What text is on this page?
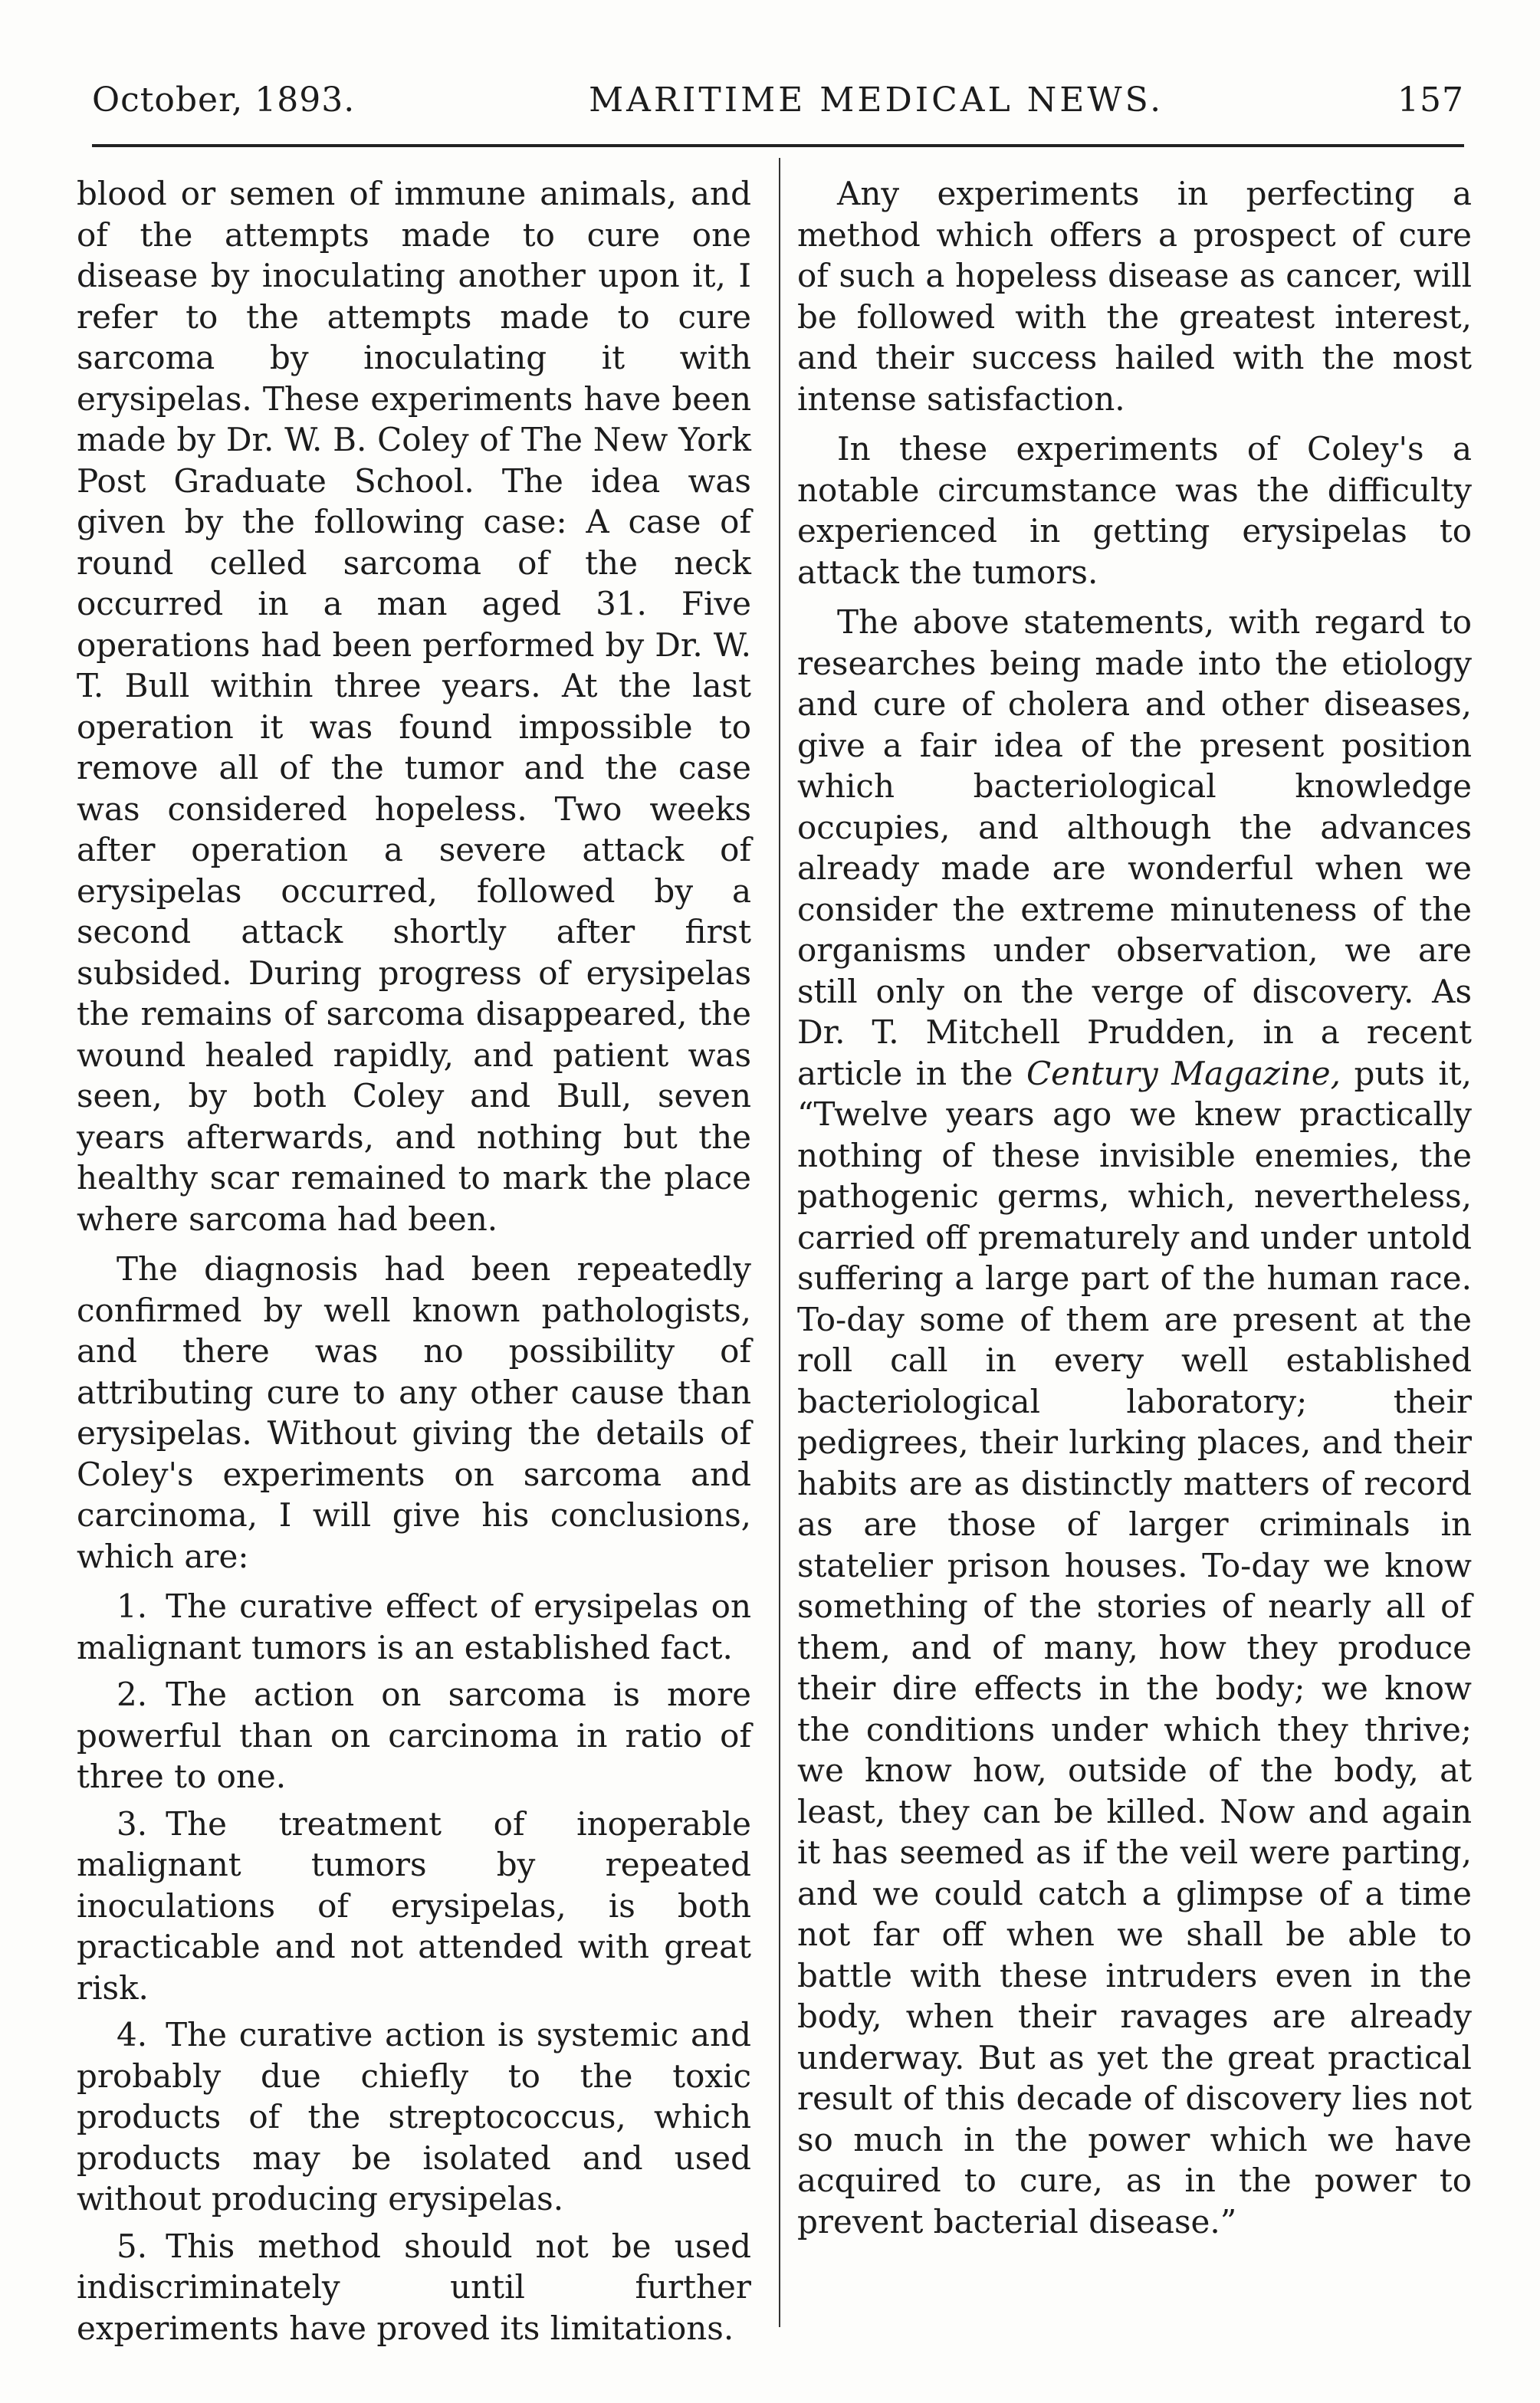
October, 1893.	MARITIME MEDICAL NEWS.	157

blood or semen of immune animals, and of the attempts made to cure one disease by inoculating another upon it, I refer to the attempts made to cure sarcoma by inoculating it with erysipelas. These experiments have been made by Dr. W. B. Coley of The New York Post Graduate School. The idea was given by the following case: A case of round celled sarcoma of the neck occurred in a man aged 31. Five operations had been performed by Dr. W. T. Bull within three years. At the last operation it was found impossible to remove all of the tumor and the case was considered hopeless. Two weeks after operation a severe attack of erysipelas occurred, followed by a second attack shortly after first subsided. During progress of erysipelas the remains of sarcoma disappeared, the wound healed rapidly, and patient was seen, by both Coley and Bull, seven years afterwards, and nothing but the healthy scar remained to mark the place where sarcoma had been.

The diagnosis had been repeatedly confirmed by well known pathologists, and there was no possibility of attributing cure to any other cause than erysipelas. Without giving the details of Coley's experiments on sarcoma and carcinoma, I will give his conclusions, which are:

1. The curative effect of erysipelas on malignant tumors is an established fact.

2. The action on sarcoma is more powerful than on carcinoma in ratio of three to one.

3. The treatment of inoperable malignant tumors by repeated inoculations of erysipelas, is both practicable and not attended with great risk.

4. The curative action is systemic and probably due chiefly to the toxic products of the streptococcus, which products may be isolated and used without producing erysipelas.

5. This method should not be used indiscriminately until further experiments have proved its limitations.

Any experiments in perfecting a method which offers a prospect of cure of such a hopeless disease as cancer, will be followed with the greatest interest, and their success hailed with the most intense satisfaction.

In these experiments of Coley's a notable circumstance was the difficulty experienced in getting erysipelas to attack the tumors.

The above statements, with regard to researches being made into the etiology and cure of cholera and other diseases, give a fair idea of the present position which bacteriological knowledge occupies, and although the advances already made are wonderful when we consider the extreme minuteness of the organisms under observation, we are still only on the verge of discovery. As Dr. T. Mitchell Prudden, in a recent article in the Century Magazine, puts it, “Twelve years ago we knew practically nothing of these invisible enemies, the pathogenic germs, which, nevertheless, carried off prematurely and under untold suffering a large part of the human race. To-day some of them are present at the roll call in every well established bacteriological laboratory; their pedigrees, their lurking places, and their habits are as distinctly matters of record as are those of larger criminals in statelier prison houses. To-day we know something of the stories of nearly all of them, and of many, how they produce their dire effects in the body; we know the conditions under which they thrive; we know how, outside of the body, at least, they can be killed. Now and again it has seemed as if the veil were parting, and we could catch a glimpse of a time not far off when we shall be able to battle with these intruders even in the body, when their ravages are already underway. But as yet the great practical result of this decade of discovery lies not so much in the power which we have acquired to cure, as in the power to prevent bacterial disease.”
